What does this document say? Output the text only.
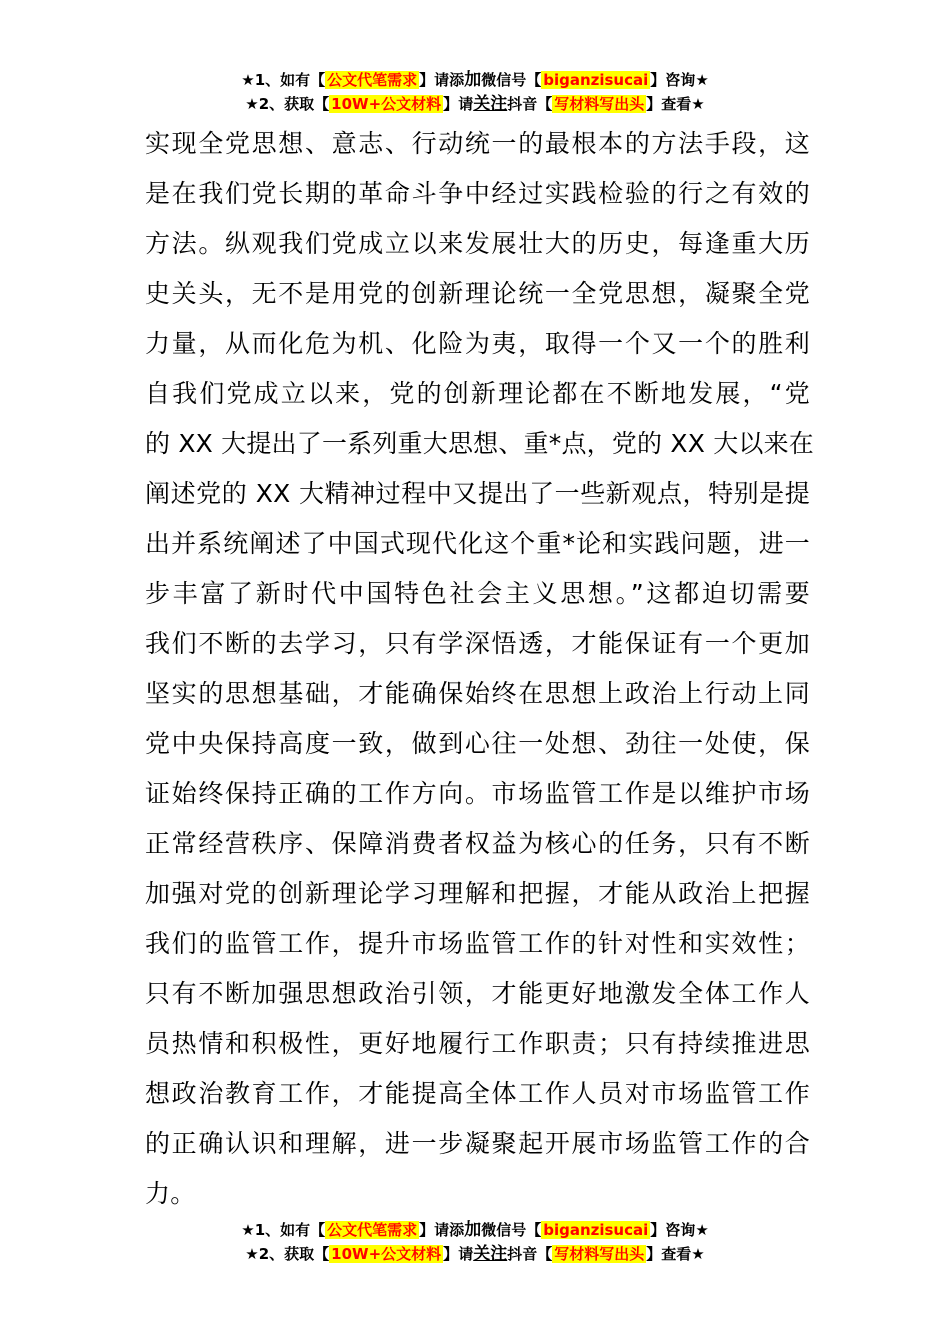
★1、如有【 公文代笔需求 】请添加微信号【 biganzisucai 】咨询★
★2、获取【 10W+公文材料 】请关注抖音【 写材料写出头 】查看★
实现全党思想、意志、行动统一的最根本的方法手段，这
是在我们党长期的革命斗争中经过实践检验的行之有效的
方法。纵观我们党成立以来发展壮大的历史，每逢重大历
史关头，无不是用党的创新理论统一全党思想，凝聚全党
力量，从而化危为机、化险为夷，取得一个又一个的胜利
自我们党成立以来，党的创新理论都在不断地发展，“党
的 XX 大提出了一系列重大思想、重*点，党的 XX 大以来在
阐述党的 XX 大精神过程中又提出了一些新观点，特别是提
出并系统阐述了中国式现代化这个重*论和实践问题，进一
步丰富了新时代中国特色社会主义思想。”这都迫切需要
我们不断的去学习，只有学深悟透，才能保证有一个更加
坚实的思想基础，才能确保始终在思想上政治上行动上同
党中央保持高度一致，做到心往一处想、劲往一处使，保
证始终保持正确的工作方向。市场监管工作是以维护市场
正常经营秩序、保障消费者权益为核心的任务，只有不断
加强对党的创新理论学习理解和把握，才能从政治上把握
我们的监管工作，提升市场监管工作的针对性和实效性；
只有不断加强思想政治引领，才能更好地激发全体工作人
员热情和积极性，更好地履行工作职责；只有持续推进思
想政治教育工作，才能提高全体工作人员对市场监管工作
的正确认识和理解，进一步凝聚起开展市场监管工作的合
力。
★1、如有【 公文代笔需求 】请添加微信号【 biganzisucai 】咨询★
★2、获取【 10W+公文材料 】请关注抖音【 写材料写出头 】查看★
